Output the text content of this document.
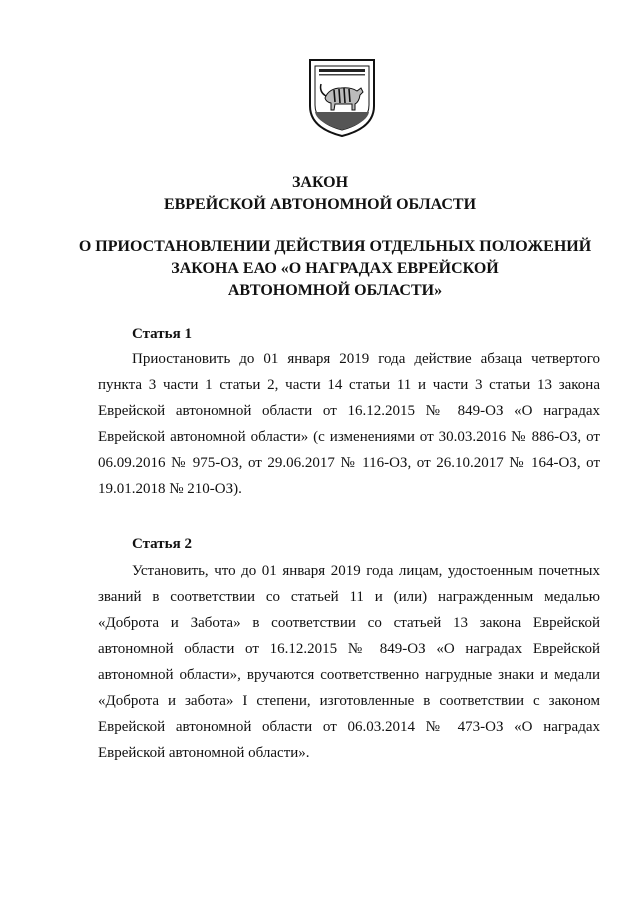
ЗАКОН
ЕВРЕЙСКОЙ АВТОНОМНОЙ ОБЛАСТИ
О ПРИОСТАНОВЛЕНИИ ДЕЙСТВИЯ ОТДЕЛЬНЫХ ПОЛОЖЕНИЙ
ЗАКОНА ЕАО «О НАГРАДАХ ЕВРЕЙСКОЙ
АВТОНОМНОЙ ОБЛАСТИ»
Статья 1

Приостановить до 01 января 2019 года действие абзаца четвертого пункта 3 части 1 статьи 2, части 14 статьи 11 и части 3 статьи 13 закона Еврейской автономной области от 16.12.2015 № 849-ОЗ «О наградах Еврейской автономной области» (с изменениями от 30.03.2016 № 886-ОЗ, от 06.09.2016 № 975-ОЗ, от 29.06.2017 № 116-ОЗ, от 26.10.2017 № 164-ОЗ, от 19.01.2018 № 210-ОЗ).

Статья 2

Установить, что до 01 января 2019 года лицам, удостоенным почетных званий в соответствии со статьей 11 и (или) награжденным медалью «Доброта и Забота» в соответствии со статьей 13 закона Еврейской автономной области от 16.12.2015 № 849-ОЗ «О наградах Еврейской автономной области», вручаются соответственно нагрудные знаки и медали «Доброта и забота» I степени, изготовленные в соответствии с законом Еврейской автономной области от 06.03.2014 № 473-ОЗ «О наградах Еврейской автономной области».
